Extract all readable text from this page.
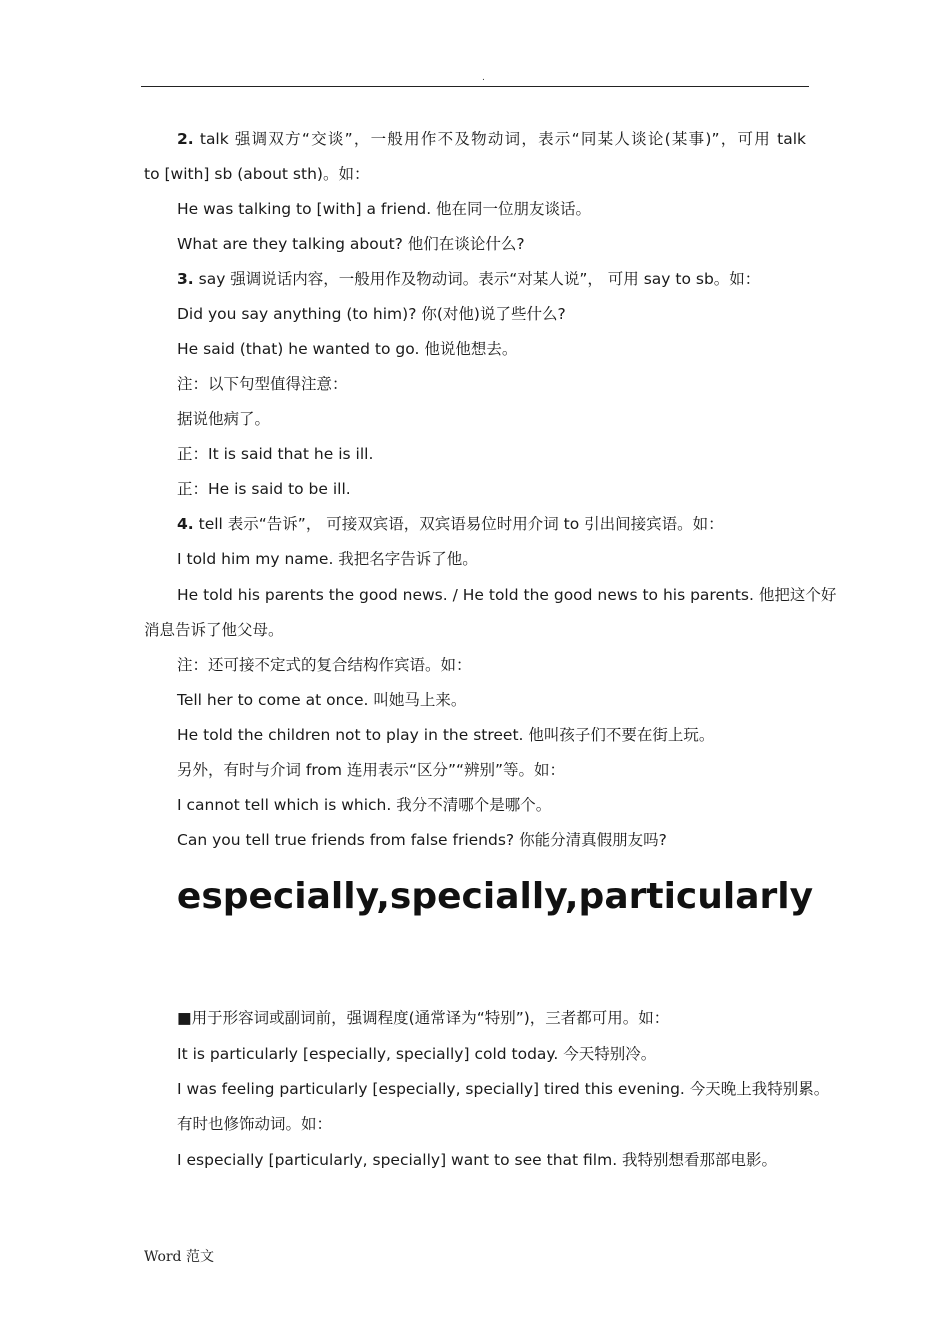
.
2. talk 强调双方“交谈”，一般用作不及物动词，表示“同某人谈论(某事)”，可用 talk
to [with] sb (about sth)。如：
He was talking to [with] a friend. 他在同一位朋友谈话。
What are they talking about? 他们在谈论什么?
3. say 强调说话内容，一般用作及物动词。表示“对某人说”， 可用 say to sb。如：
Did you say anything (to him)? 你(对他)说了些什么?
He said (that) he wanted to go. 他说他想去。
注：以下句型值得注意：
据说他病了。
正：It is said that he is ill.
正：He is said to be ill.
4. tell 表示“告诉”， 可接双宾语，双宾语易位时用介词 to 引出间接宾语。如：
I told him my name. 我把名字告诉了他。
He told his parents the good news. / He told the good news to his parents. 他把这个好
消息告诉了他父母。
注：还可接不定式的复合结构作宾语。如：
Tell her to come at once. 叫她马上来。
He told the children not to play in the street. 他叫孩子们不要在街上玩。
另外，有时与介词 from 连用表示“区分”“辨别”等。如：
I cannot tell which is which. 我分不清哪个是哪个。
Can you tell true friends from false friends? 你能分清真假朋友吗?
especially,specially,particularly
■用于形容词或副词前，强调程度(通常译为“特别”)，三者都可用。如：
It is particularly [especially, specially] cold today. 今天特别冷。
I was feeling particularly [especially, specially] tired this evening. 今天晚上我特别累。
有时也修饰动词。如：
I especially [particularly, specially] want to see that film. 我特别想看那部电影。
Word 范文
